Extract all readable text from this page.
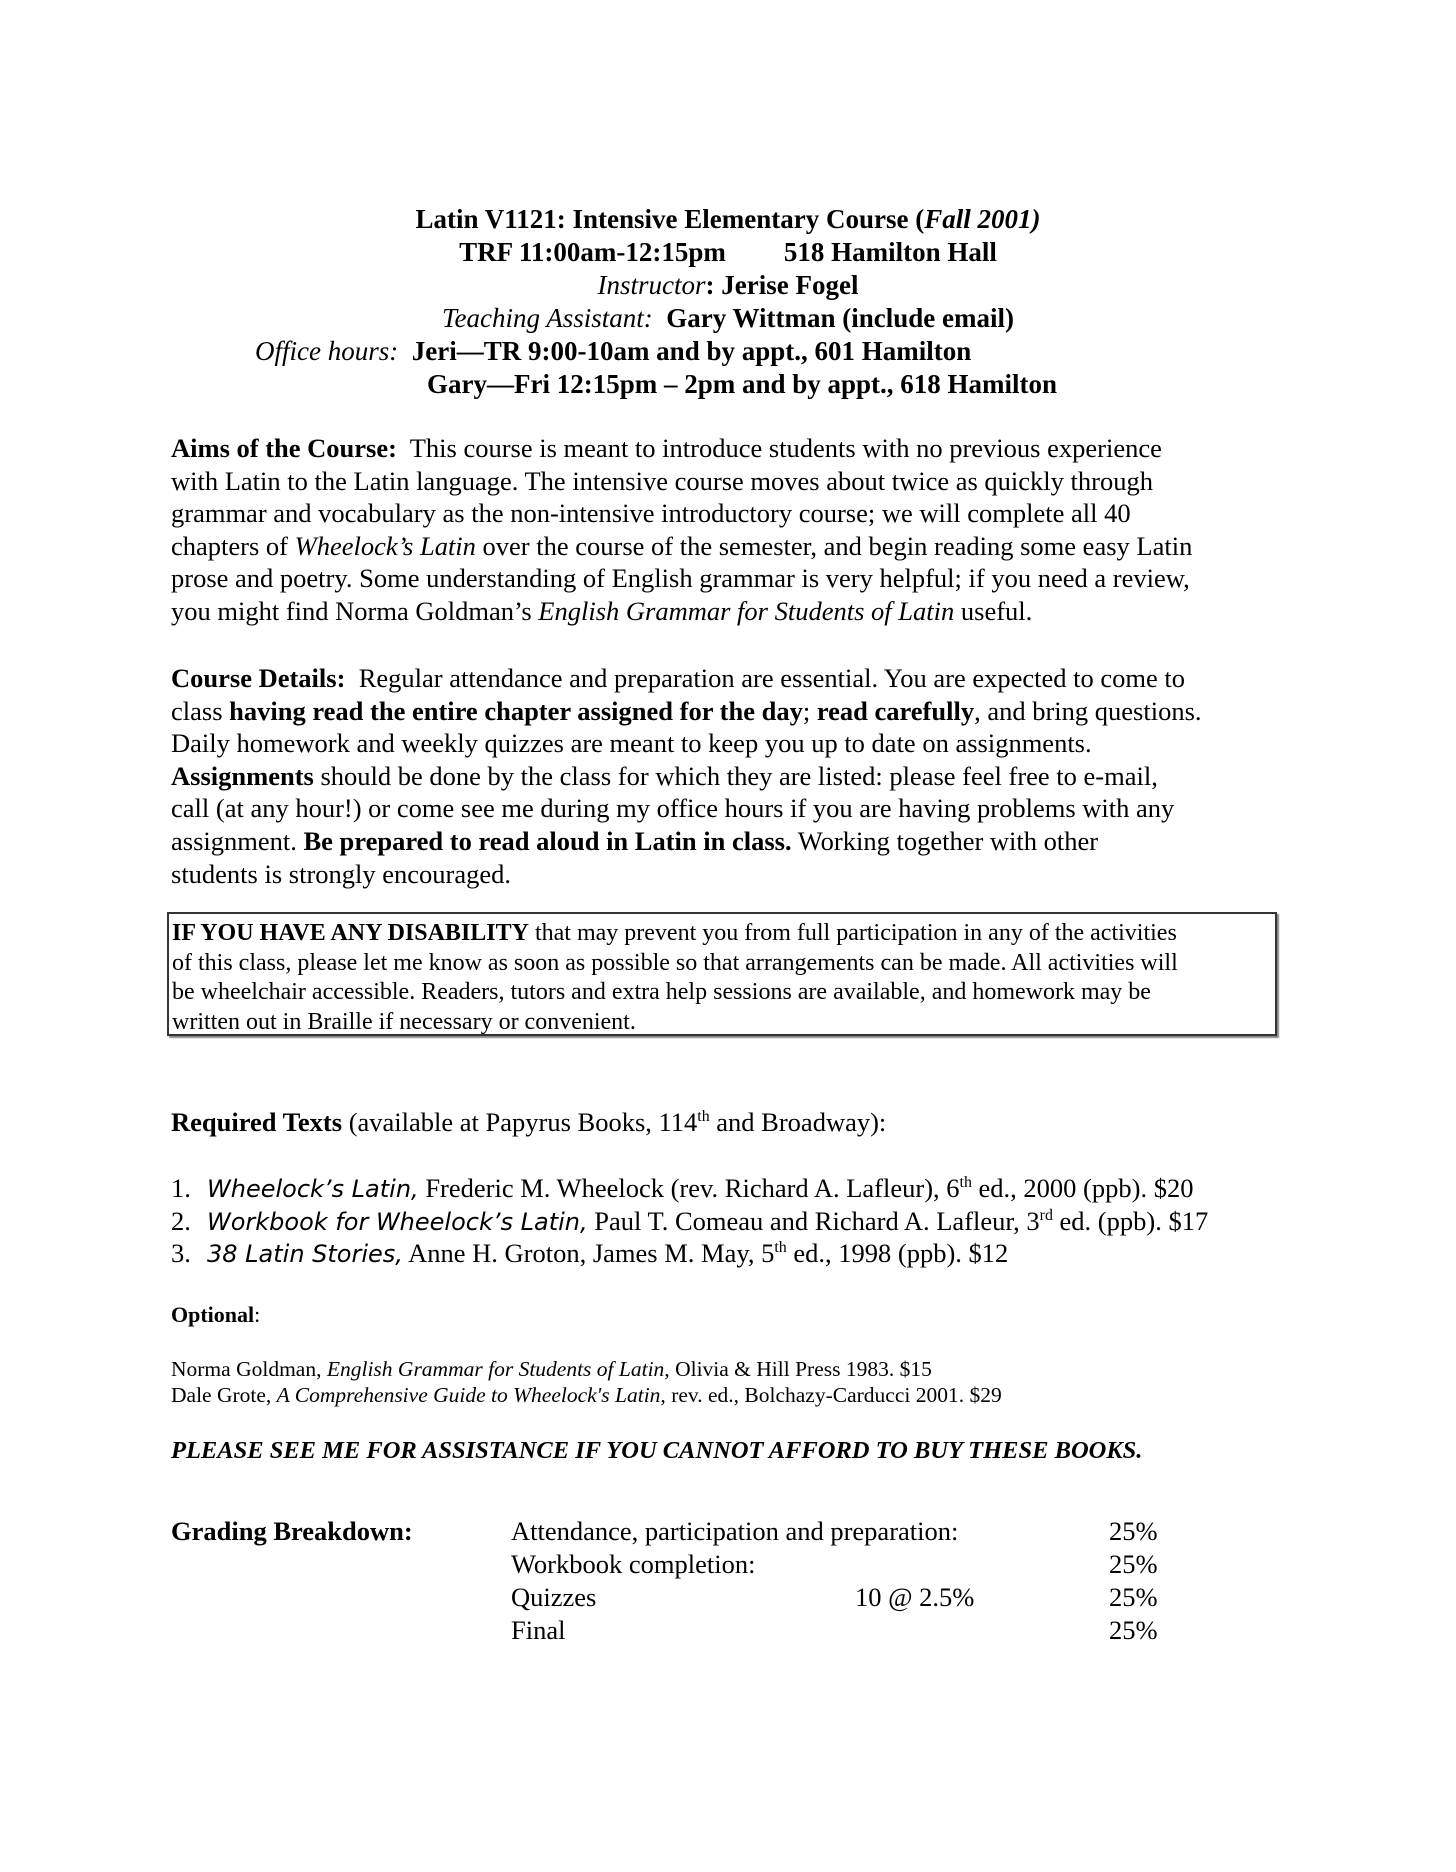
Latin V1121: Intensive Elementary Course (Fall 2001)
TRF 11:00am-12:15pm 518 Hamilton Hall
Instructor: Jerise Fogel
Teaching Assistant: Gary Wittman (include email)
Office hours: Jeri—TR 9:00-10am and by appt., 601 Hamilton
Gary—Fri 12:15pm – 2pm and by appt., 618 Hamilton
Aims of the Course: This course is meant to introduce students with no previous experience
with Latin to the Latin language. The intensive course moves about twice as quickly through
grammar and vocabulary as the non-intensive introductory course; we will complete all 40
chapters of Wheelock’s Latin over the course of the semester, and begin reading some easy Latin
prose and poetry. Some understanding of English grammar is very helpful; if you need a review,
you might find Norma Goldman’s English Grammar for Students of Latin useful.
Course Details: Regular attendance and preparation are essential. You are expected to come to
class having read the entire chapter assigned for the day; read carefully, and bring questions.
Daily homework and weekly quizzes are meant to keep you up to date on assignments.
Assignments should be done by the class for which they are listed: please feel free to e-mail,
call (at any hour!) or come see me during my office hours if you are having problems with any
assignment. Be prepared to read aloud in Latin in class. Working together with other
students is strongly encouraged.
IF YOU HAVE ANY DISABILITY that may prevent you from full participation in any of the activities
of this class, please let me know as soon as possible so that arrangements can be made. All activities will
be wheelchair accessible. Readers, tutors and extra help sessions are available, and homework may be
written out in Braille if necessary or convenient.
Required Texts (available at Papyrus Books, 114th and Broadway):
1. Wheelock’s Latin, Frederic M. Wheelock (rev. Richard A. Lafleur), 6th ed., 2000 (ppb). $20
2. Workbook for Wheelock’s Latin, Paul T. Comeau and Richard A. Lafleur, 3rd ed. (ppb). $17
3. 38 Latin Stories, Anne H. Groton, James M. May, 5th ed., 1998 (ppb). $12
Optional:
Norma Goldman, English Grammar for Students of Latin, Olivia & Hill Press 1983. $15
Dale Grote, A Comprehensive Guide to Wheelock's Latin, rev. ed., Bolchazy-Carducci 2001. $29
PLEASE SEE ME FOR ASSISTANCE IF YOU CANNOT AFFORD TO BUY THESE BOOKS.
Grading Breakdown:	Attendance, participation and preparation:	25%
Workbook completion:	25%
Quizzes	10 @ 2.5%	25%
Final	25%
